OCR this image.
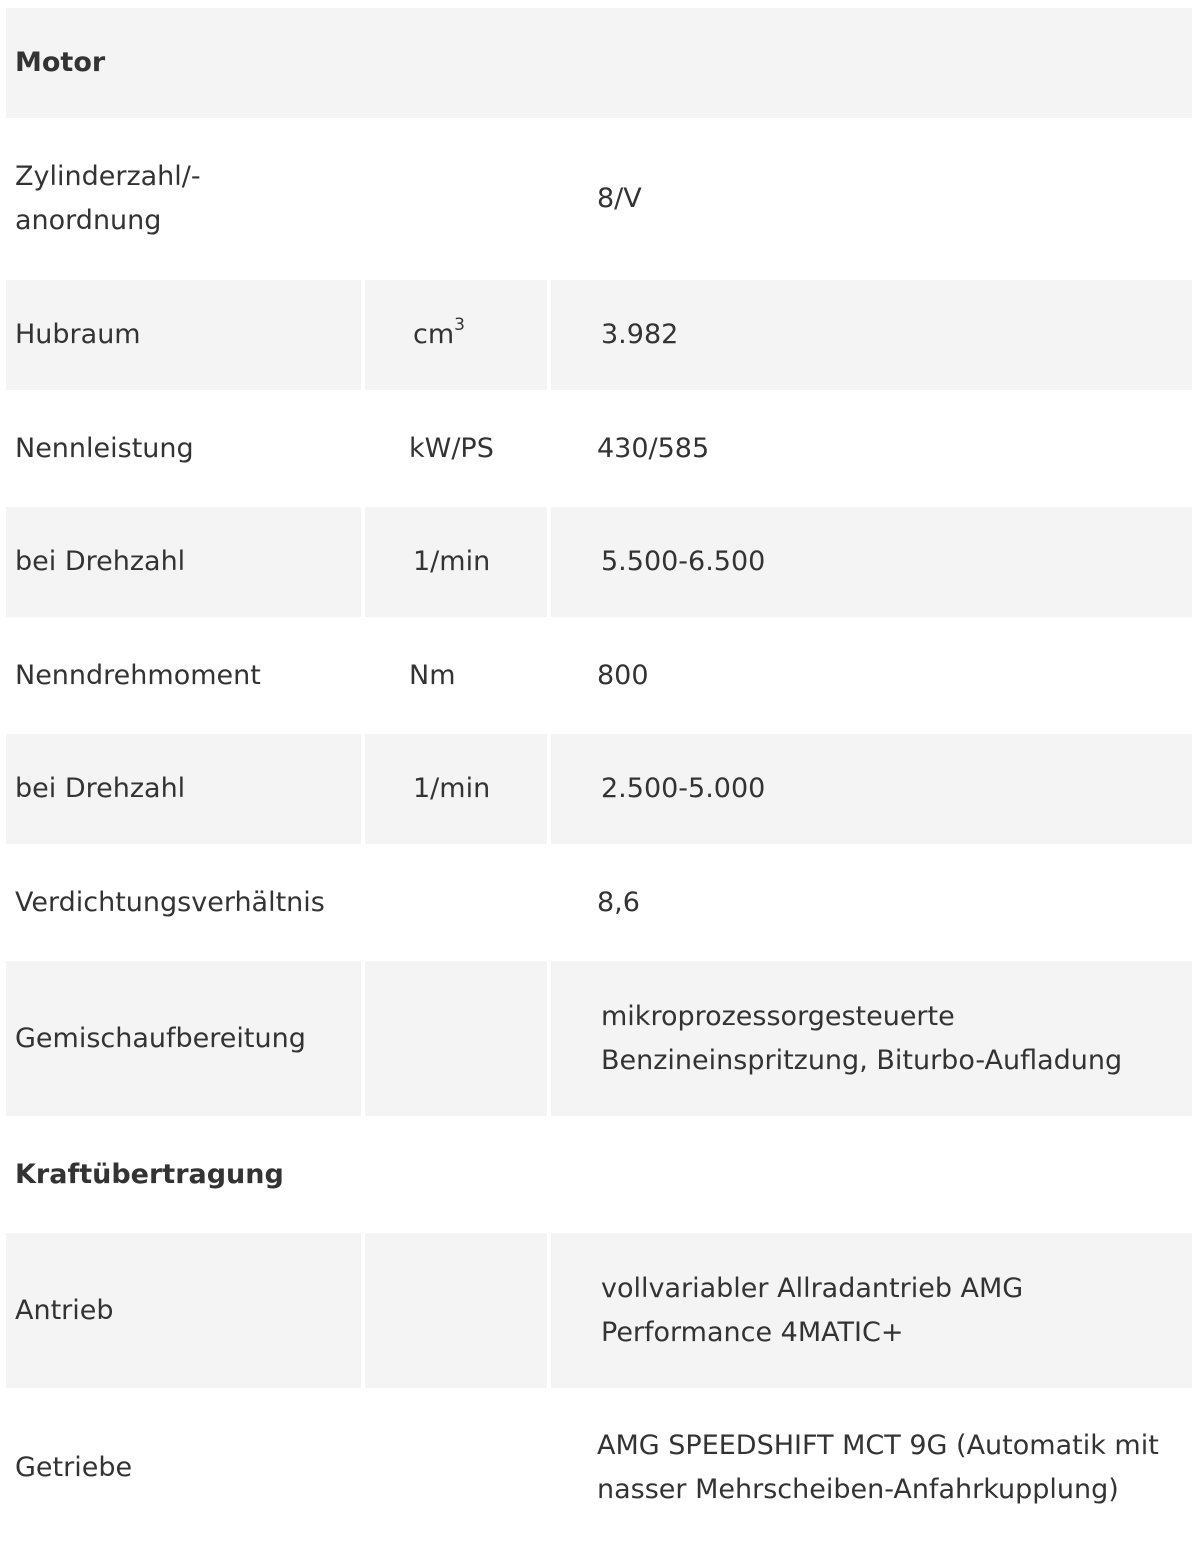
Motor		
Zylinderzahl/-
anordnung		8/V
Hubraum	$cm^3$	3.982
Nennleistung	kW/PS	430/585
bei Drehzahl	1/min	5.500-6.500
Nenndrehmoment	Nm	800
bei Drehzahl	1/min	2.500-5.000
Verdichtungsverhältnis		8,6
Gemischaufbereitung		mikroprozessorgesteuerte Benzineinspritzung, Biturbo-Aufladung
Kraftübertragung		
Antrieb		vollvariabler Allradantrieb AMG Performance 4MATIC+
Getriebe		AMG SPEEDSHIFT MCT 9G (Automatik mit nasser Mehrscheiben-Anfahrkupplung)
